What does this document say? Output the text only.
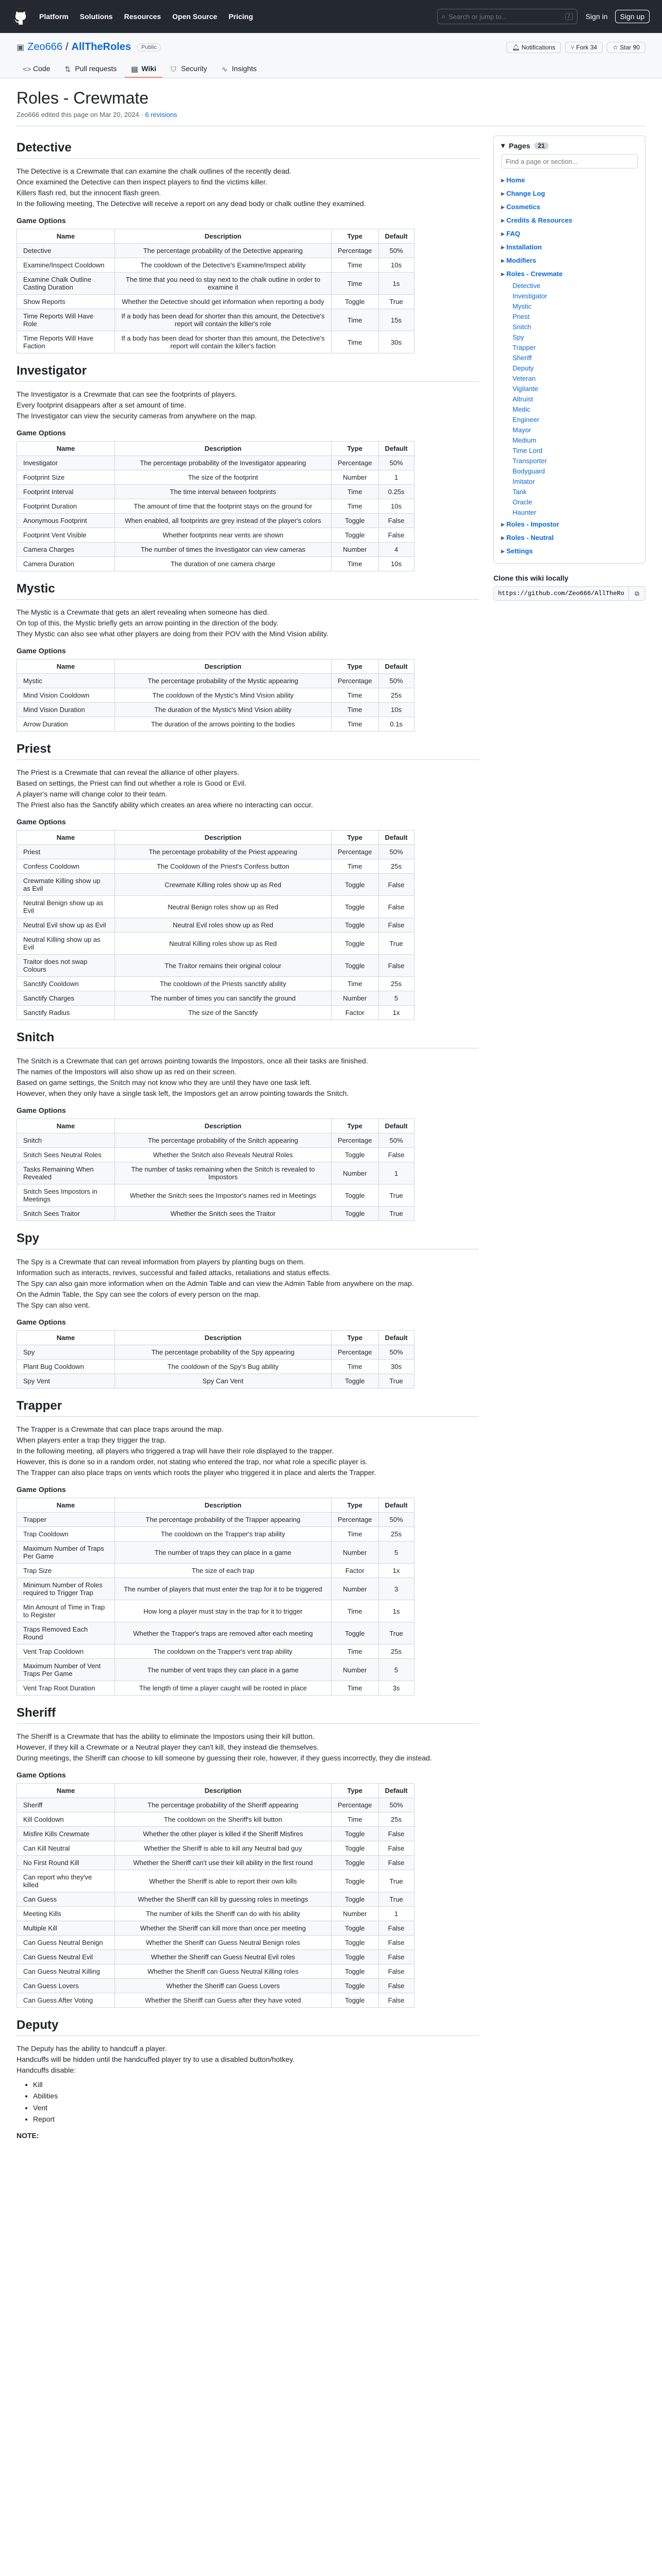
Platform Solutions Resources Open Source Pricing	⌕
Search or jump to...	/	Sign in	Sign up
▣ Zeo666 / AllTheRoles	Public	🔔︎ Notifications	⑂ Fork 34	☆ Star 90
<> Code ⇅ Pull requests ▤ Wiki ⛉ Security ∿ Insights
Roles - Crewmate
Zeo666 edited this page on Mar 20, 2024 · 6 revisions
Detective

The Detective is a Crewmate that can examine the chalk outlines of the recently dead.

Once examined the Detective can then inspect players to find the victims killer.

Killers flash red, but the innocent flash green.

In the following meeting, The Detective will receive a report on any dead body or chalk outline they examined.

Game Options
Name	Description	Type	Default
Detective	The percentage probability of the Detective appearing	Percentage	50%
Examine/Inspect Cooldown	The cooldown of the Detective's Examine/Inspect ability	Time	10s
Examine Chalk Outline Casting Duration	The time that you need to stay next to the chalk outline in order to examine it	Time	1s
Show Reports	Whether the Detective should get information when reporting a body	Toggle	True
Time Reports Will Have Role	If a body has been dead for shorter than this amount, the Detective's report will contain the killer's role	Time	15s
Time Reports Will Have Faction	If a body has been dead for shorter than this amount, the Detective's report will contain the killer's faction	Time	30s
Investigator

The Investigator is a Crewmate that can see the footprints of players.

Every footprint disappears after a set amount of time.

The Investigator can view the security cameras from anywhere on the map.

Game Options
Name	Description	Type	Default
Investigator	The percentage probability of the Investigator appearing	Percentage	50%
Footprint Size	The size of the footprint	Number	1
Footprint Interval	The time interval between footprints	Time	0.25s
Footprint Duration	The amount of time that the footprint stays on the ground for	Time	10s
Anonymous Footprint	When enabled, all footprints are grey instead of the player's colors	Toggle	False
Footprint Vent Visible	Whether footprints near vents are shown	Toggle	False
Camera Charges	The number of times the Investigator can view cameras	Number	4
Camera Duration	The duration of one camera charge	Time	10s
Mystic

The Mystic is a Crewmate that gets an alert revealing when someone has died.

On top of this, the Mystic briefly gets an arrow pointing in the direction of the body.

They Mystic can also see what other players are doing from their POV with the Mind Vision ability.

Game Options
Name	Description	Type	Default
Mystic	The percentage probability of the Mystic appearing	Percentage	50%
Mind Vision Cooldown	The cooldown of the Mystic's Mind Vision ability	Time	25s
Mind Vision Duration	The duration of the Mystic's Mind Vision ability	Time	10s
Arrow Duration	The duration of the arrows pointing to the bodies	Time	0.1s
Priest

The Priest is a Crewmate that can reveal the alliance of other players.

Based on settings, the Priest can find out whether a role is Good or Evil.

A player's name will change color to their team.

The Priest also has the Sanctify ability which creates an area where no interacting can occur.

Game Options
Name	Description	Type	Default
Priest	The percentage probability of the Priest appearing	Percentage	50%
Confess Cooldown	The Cooldown of the Priest's Confess button	Time	25s
Crewmate Killing show up as Evil	Crewmate Killing roles show up as Red	Toggle	False
Neutral Benign show up as Evil	Neutral Benign roles show up as Red	Toggle	False
Neutral Evil show up as Evil	Neutral Evil roles show up as Red	Toggle	False
Neutral Killing show up as Evil	Neutral Killing roles show up as Red	Toggle	True
Traitor does not swap Colours	The Traitor remains their original colour	Toggle	False
Sanctify Cooldown	The cooldown of the Priests sanctify ability	Time	25s
Sanctify Charges	The number of times you can sanctify the ground	Number	5
Sanctify Radius	The size of the Sanctify	Factor	1x
Snitch

The Snitch is a Crewmate that can get arrows pointing towards the Impostors, once all their tasks are finished.

The names of the Impostors will also show up as red on their screen.

Based on game settings, the Snitch may not know who they are until they have one task left.

However, when they only have a single task left, the Impostors get an arrow pointing towards the Snitch.

Game Options
Name	Description	Type	Default
Snitch	The percentage probability of the Snitch appearing	Percentage	50%
Snitch Sees Neutral Roles	Whether the Snitch also Reveals Neutral Roles	Toggle	False
Tasks Remaining When Revealed	The number of tasks remaining when the Snitch is revealed to Impostors	Number	1
Snitch Sees Impostors in Meetings	Whether the Snitch sees the Impostor's names red in Meetings	Toggle	True
Snitch Sees Traitor	Whether the Snitch sees the Traitor	Toggle	True
Spy

The Spy is a Crewmate that can reveal information from players by planting bugs on them.

Information such as interacts, revives, successful and failed attacks, retaliations and status effects.

The Spy can also gain more information when on the Admin Table and can view the Admin Table from anywhere on the map.

On the Admin Table, the Spy can see the colors of every person on the map.

The Spy can also vent.

Game Options
Name	Description	Type	Default
Spy	The percentage probability of the Spy appearing	Percentage	50%
Plant Bug Cooldown	The cooldown of the Spy's Bug ability	Time	30s
Spy Vent	Spy Can Vent	Toggle	True
Trapper

The Trapper is a Crewmate that can place traps around the map.

When players enter a trap they trigger the trap.

In the following meeting, all players who triggered a trap will have their role displayed to the trapper.

However, this is done so in a random order, not stating who entered the trap, nor what role a specific player is.

The Trapper can also place traps on vents which roots the player who triggered it in place and alerts the Trapper.

Game Options
Name	Description	Type	Default
Trapper	The percentage probability of the Trapper appearing	Percentage	50%
Trap Cooldown	The cooldown on the Trapper's trap ability	Time	25s
Maximum Number of Traps Per Game	The number of traps they can place in a game	Number	5
Trap Size	The size of each trap	Factor	1x
Minimum Number of Roles required to Trigger Trap	The number of players that must enter the trap for it to be triggered	Number	3
Min Amount of Time in Trap to Register	How long a player must stay in the trap for it to trigger	Time	1s
Traps Removed Each Round	Whether the Trapper's traps are removed after each meeting	Toggle	True
Vent Trap Cooldown	The cooldown on the Trapper's vent trap ability	Time	25s
Maximum Number of Vent Traps Per Game	The number of vent traps they can place in a game	Number	5
Vent Trap Root Duration	The length of time a player caught will be rooted in place	Time	3s
Sheriff

The Sheriff is a Crewmate that has the ability to eliminate the Impostors using their kill button.

However, if they kill a Crewmate or a Neutral player they can't kill, they instead die themselves.

During meetings, the Sheriff can choose to kill someone by guessing their role, however, if they guess incorrectly, they die instead.

Game Options
Name	Description	Type	Default
Sheriff	The percentage probability of the Sheriff appearing	Percentage	50%
Kill Cooldown	The cooldown on the Sheriff's kill button	Time	25s
Misfire Kills Crewmate	Whether the other player is killed if the Sheriff Misfires	Toggle	False
Can Kill Neutral	Whether the Sheriff is able to kill any Neutral bad guy	Toggle	False
No First Round Kill	Whether the Sheriff can't use their kill ability in the first round	Toggle	False
Can report who they've killed	Whether the Sheriff is able to report their own kills	Toggle	True
Can Guess	Whether the Sheriff can kill by guessing roles in meetings	Toggle	True
Meeting Kills	The number of kills the Sheriff can do with his ability	Number	1
Multiple Kill	Whether the Sheriff can kill more than once per meeting	Toggle	False
Can Guess Neutral Benign	Whether the Sheriff can Guess Neutral Benign roles	Toggle	False
Can Guess Neutral Evil	Whether the Sheriff can Guess Neutral Evil roles	Toggle	False
Can Guess Neutral Killing	Whether the Sheriff can Guess Neutral Killing roles	Toggle	False
Can Guess Lovers	Whether the Sheriff can Guess Lovers	Toggle	False
Can Guess After Voting	Whether the Sheriff can Guess after they have voted	Toggle	False
Deputy

The Deputy has the ability to handcuff a player.

Handcuffs will be hidden until the handcuffed player try to use a disabled button/hotkey.

Handcuffs disable:

• Kill
• Abilities
• Vent
• Report

NOTE:

▾ Pages	21
Find a page or section...
▸ Home
▸ Change Log
▸ Cosmetics
▸ Credits & Resources
▸ FAQ
▸ Installation
▸ Modifiers
▸ Roles - Crewmate
Detective
Investigator
Mystic
Priest
Snitch
Spy
Trapper
Sheriff
Deputy
Veteran
Vigilante
Altruist
Medic
Engineer
Mayor
Medium
Time Lord
Transporter
Bodyguard
Imitator
Tank
Oracle
Haunter
▸ Roles - Impostor
▸ Roles - Neutral
▸ Settings
Clone this wiki locally
https://github.com/Zeo666/AllTheRoles.wiki.git
⧉
